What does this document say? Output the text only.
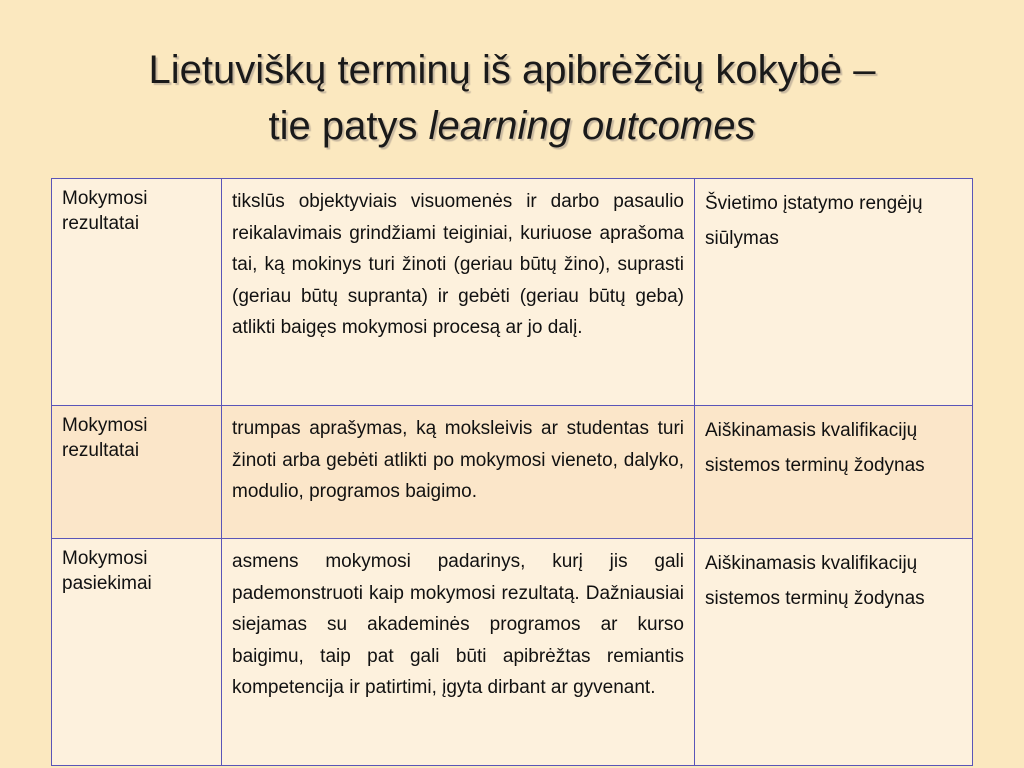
Lietuviškų terminų iš apibrėžčių kokybė –
tie patys learning outcomes
Mokymosi rezultatai	tikslūs objektyviais visuomenės ir darbo pasaulio reikalavimais grindžiami teiginiai, kuriuose aprašoma tai, ką mokinys turi žinoti (geriau būtų žino), suprasti (geriau būtų supranta) ir gebėti (geriau būtų geba) atlikti baigęs mokymosi procesą ar jo dalį.	Švietimo įstatymo rengėjų siūlymas
Mokymosi rezultatai	trumpas aprašymas, ką moksleivis ar studentas turi žinoti arba gebėti atlikti po mokymosi vieneto, dalyko, modulio, programos baigimo.	Aiškinamasis kvalifikacijų sistemos terminų žodynas
Mokymosi pasiekimai	asmens mokymosi padarinys, kurį jis gali pademonstruoti kaip mokymosi rezultatą. Dažniausiai siejamas su akademinės programos ar kurso baigimu, taip pat gali būti apibrėžtas remiantis kompetencija ir patirtimi, įgyta dirbant ar gyvenant.	Aiškinamasis kvalifikacijų sistemos terminų žodynas
